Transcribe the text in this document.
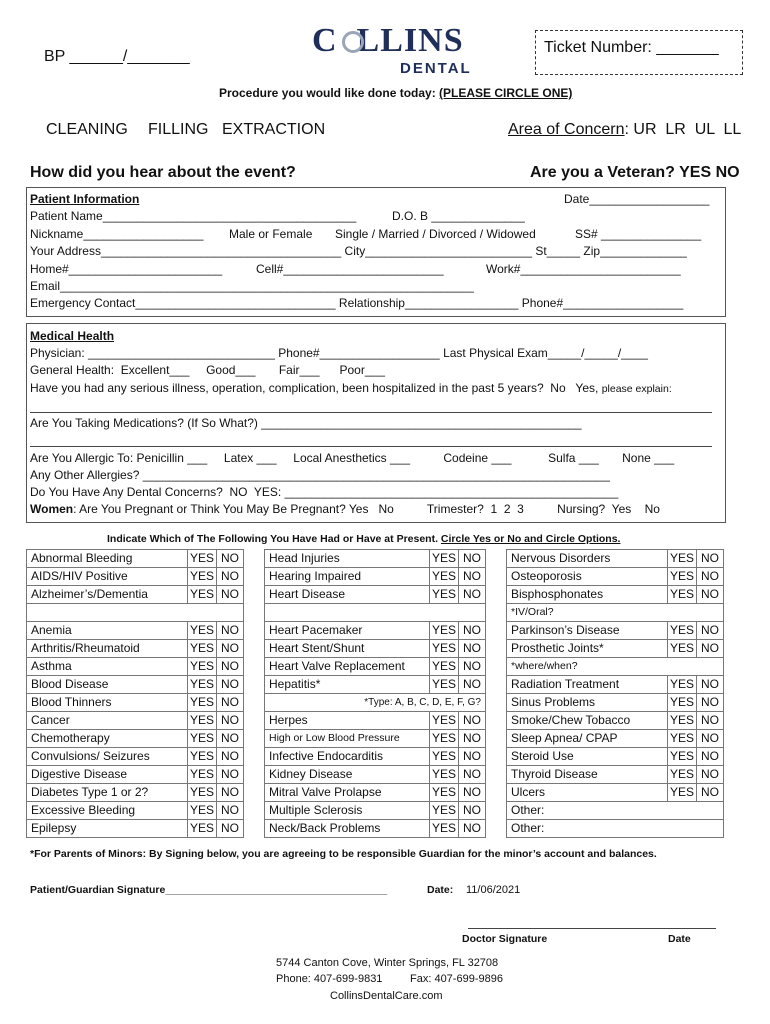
BP ______/_______	C  LLINS
DENTAL
Ticket Number: _______
Procedure you would like done today: (PLEASE CIRCLE ONE)
CLEANING FILLING EXTRACTION	Area of Concern: UR  LR  UL  LL
How did you hear about the event?	Are you a Veteran? YES NO
Patient Information	Date__________________
Patient Name______________________________________	D.O. B ______________
Nickname__________________ Male or Female Single / Married / Divorced / Widowed	SS# _______________
Your Address____________________________________ City_________________________ St_____ Zip_____________
Home#_______________________	Cell#________________________	Work#________________________
Email______________________________________________________________
Emergency Contact______________________________ Relationship_________________ Phone#__________________
Medical Health
Physician: ____________________________ Phone#__________________ Last Physical Exam_____/_____/____
General Health:  Excellent___     Good___       Fair___      Poor___
Have you had any serious illness, operation, complication, been hospitalized in the past 5 years?  No   Yes, please explain:
Are You Taking Medications? (If So What?) ________________________________________________
Are You Allergic To: Penicillin ___     Latex ___     Local Anesthetics ___          Codeine ___           Sulfa ___       None ___
Any Other Allergies? ______________________________________________________________________
Do You Have Any Dental Concerns?  NO  YES: __________________________________________________
Women: Are You Pregnant or Think You May Be Pregnant? Yes   No          Trimester?  1  2  3          Nursing?  Yes    No
Indicate Which of The Following You Have Had or Have at Present. Circle Yes or No and Circle Options.
Abnormal Bleeding	YES	NO
AIDS/HIV Positive	YES	NO
Alzheimer’s/Dementia	YES	NO

Anemia	YES	NO
Arthritis/Rheumatoid	YES	NO
Asthma	YES	NO
Blood Disease	YES	NO
Blood Thinners	YES	NO
Cancer	YES	NO
Chemotherapy	YES	NO
Convulsions/ Seizures	YES	NO
Digestive Disease	YES	NO
Diabetes Type 1 or 2?	YES	NO
Excessive Bleeding	YES	NO
Epilepsy	YES	NO
Head Injuries	YES	NO
Hearing Impaired	YES	NO
Heart Disease	YES	NO

Heart Pacemaker	YES	NO
Heart Stent/Shunt	YES	NO
Heart Valve Replacement	YES	NO
Hepatitis*	YES	NO
*Type: A, B, C, D, E, F, G?		
Herpes	YES	NO
High or Low Blood Pressure	YES	NO
Infective Endocarditis	YES	NO
Kidney Disease	YES	NO
Mitral Valve Prolapse	YES	NO
Multiple Sclerosis	YES	NO
Neck/Back Problems	YES	NO
Nervous Disorders	YES	NO
Osteoporosis	YES	NO
Bisphosphonates	YES	NO
*IV/Oral?		
Parkinson’s Disease	YES	NO
Prosthetic Joints*	YES	NO
*where/when?		
Radiation Treatment	YES	NO
Sinus Problems	YES	NO
Smoke/Chew Tobacco	YES	NO
Sleep Apnea/ CPAP	YES	NO
Steroid Use	YES	NO
Thyroid Disease	YES	NO
Ulcers	YES	NO
Other:		
Other:		
*For Parents of Minors: By Signing below, you are agreeing to be responsible Guardian for the minor’s account and balances.
Patient/Guardian Signature______________________________________	Date: 11/06/2021
Doctor Signature	Date
5744 Canton Cove, Winter Springs, FL 32708
Phone: 407-699-9831	Fax: 407-699-9896
CollinsDentalCare.com
